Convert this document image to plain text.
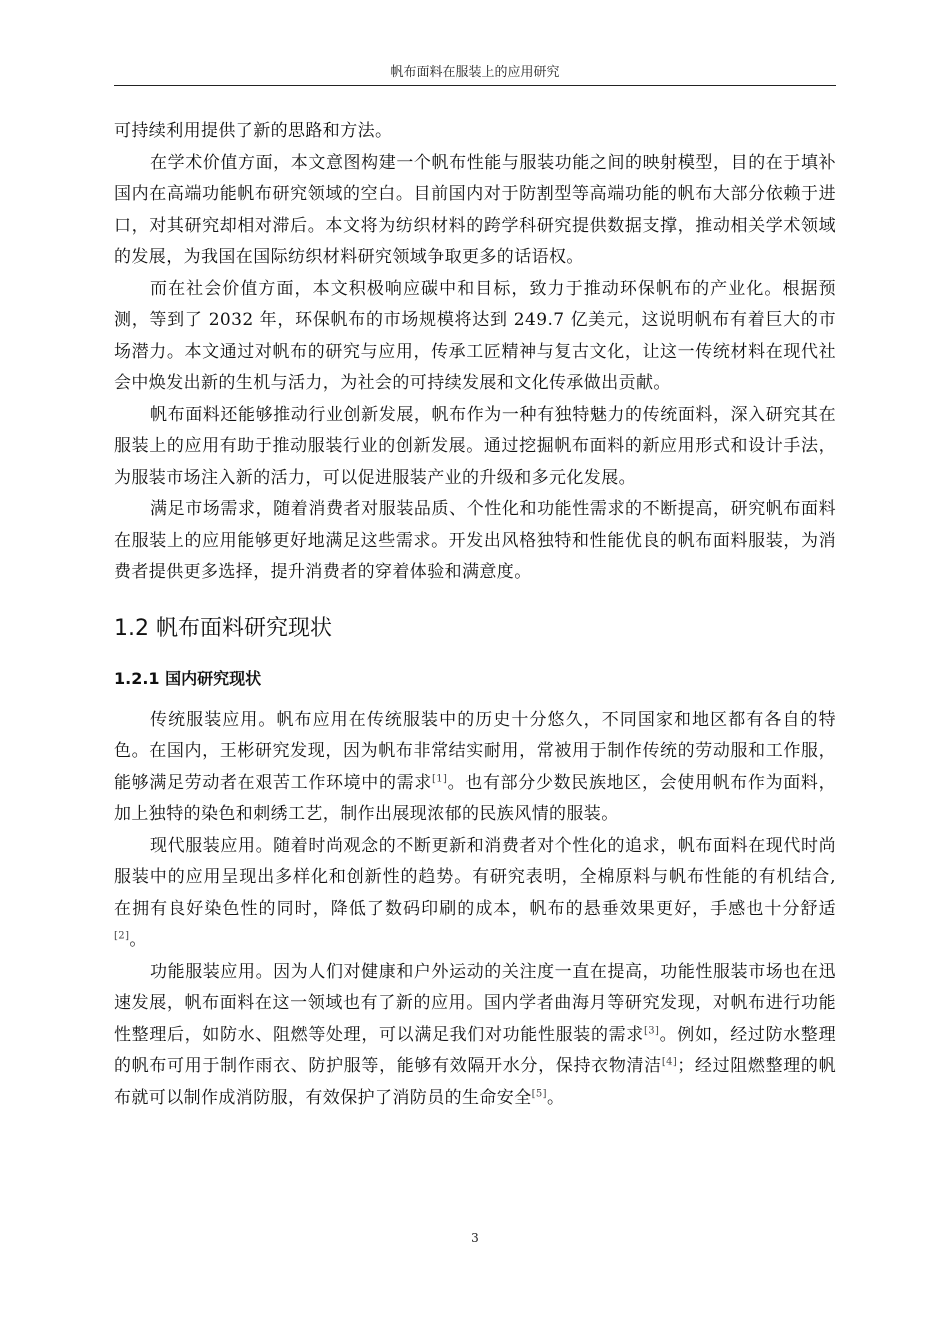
帆布面料在服装上的应用研究

可持续利用提供了新的思路和方法。

在学术价值方面，本文意图构建一个帆布性能与服装功能之间的映射模型，目的在于填补国内在高端功能帆布研究领域的空白。目前国内对于防割型等高端功能的帆布大部分依赖于进口，对其研究却相对滞后。本文将为纺织材料的跨学科研究提供数据支撑，推动相关学术领域的发展，为我国在国际纺织材料研究领域争取更多的话语权。

而在社会价值方面，本文积极响应碳中和目标，致力于推动环保帆布的产业化。根据预测，等到了 2032 年，环保帆布的市场规模将达到 249.7 亿美元，这说明帆布有着巨大的市场潜力。本文通过对帆布的研究与应用，传承工匠精神与复古文化，让这一传统材料在现代社会中焕发出新的生机与活力，为社会的可持续发展和文化传承做出贡献。

帆布面料还能够推动行业创新发展，帆布作为一种有独特魅力的传统面料，深入研究其在服装上的应用有助于推动服装行业的创新发展。通过挖掘帆布面料的新应用形式和设计手法，为服装市场注入新的活力，可以促进服装产业的升级和多元化发展。

满足市场需求，随着消费者对服装品质、个性化和功能性需求的不断提高，研究帆布面料在服装上的应用能够更好地满足这些需求。开发出风格独特和性能优良的帆布面料服装，为消费者提供更多选择，提升消费者的穿着体验和满意度。

1.2 帆布面料研究现状
1.2.1 国内研究现状

传统服装应用。帆布应用在传统服装中的历史十分悠久，不同国家和地区都有各自的特色。在国内，王彬研究发现，因为帆布非常结实耐用，常被用于制作传统的劳动服和工作服，能够满足劳动者在艰苦工作环境中的需求[1]。也有部分少数民族地区，会使用帆布作为面料，加上独特的染色和刺绣工艺，制作出展现浓郁的民族风情的服装。

现代服装应用。随着时尚观念的不断更新和消费者对个性化的追求，帆布面料在现代时尚服装中的应用呈现出多样化和创新性的趋势。有研究表明，全棉原料与帆布性能的有机结合, 在拥有良好染色性的同时，降低了数码印刷的成本，帆布的悬垂效果更好，手感也十分舒适[2]。

功能服装应用。因为人们对健康和户外运动的关注度一直在提高，功能性服装市场也在迅速发展，帆布面料在这一领域也有了新的应用。国内学者曲海月等研究发现，对帆布进行功能性整理后，如防水、阻燃等处理，可以满足我们对功能性服装的需求[3]。例如，经过防水整理的帆布可用于制作雨衣、防护服等，能够有效隔开水分，保持衣物清洁[4]；经过阻燃整理的帆布就可以制作成消防服，有效保护了消防员的生命安全[5]。

3
